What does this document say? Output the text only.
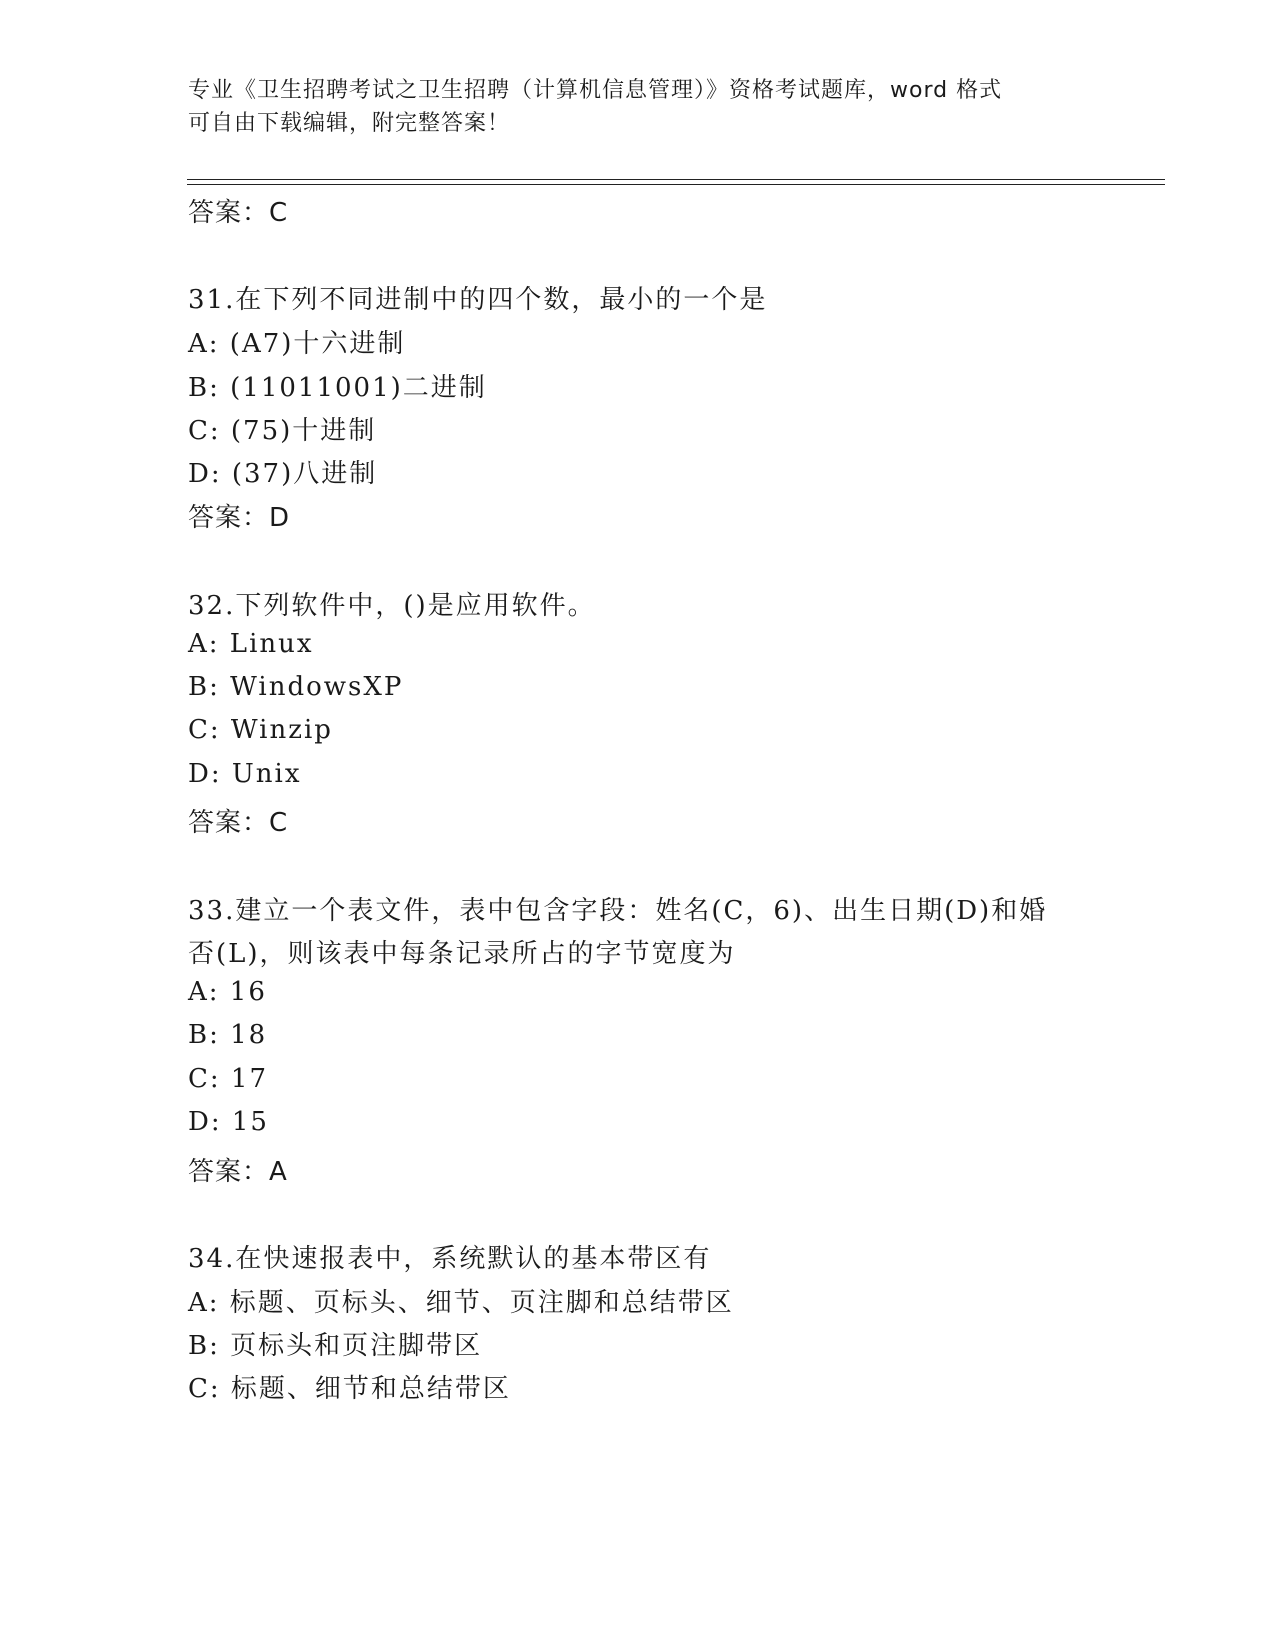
专业《卫生招聘考试之卫生招聘（计算机信息管理）》资格考试题库，word 格式
可自由下载编辑，附完整答案！
答案：C
31.在下列不同进制中的四个数，最小的一个是
A: (A7)十六进制
B: (11011001)二进制
C: (75)十进制
D: (37)八进制
答案：D
32.下列软件中，()是应用软件。
A: Linux
B: WindowsXP
C: Winzip
D: Unix
答案：C
33.建立一个表文件，表中包含字段：姓名(C，6)、出生日期(D)和婚
否(L)，则该表中每条记录所占的字节宽度为
A: 16
B: 18
C: 17
D: 15
答案：A
34.在快速报表中，系统默认的基本带区有
A: 标题、页标头、细节、页注脚和总结带区
B: 页标头和页注脚带区
C: 标题、细节和总结带区
